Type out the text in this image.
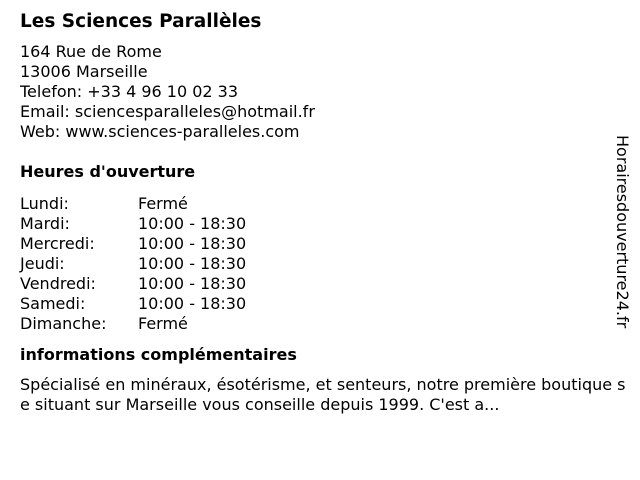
Les Sciences Parallèles
164 Rue de Rome
13006 Marseille
Telefon: +33 4 96 10 02 33
Email: sciencesparalleles@hotmail.fr
Web: www.sciences-paralleles.com
Heures d'ouverture
Lundi:	Fermé
Mardi:	10:00 - 18:30
Mercredi:	10:00 - 18:30
Jeudi:	10:00 - 18:30
Vendredi:	10:00 - 18:30
Samedi:	10:00 - 18:30
Dimanche: Fermé
informations complémentaires
Spécialisé en minéraux, ésotérisme, et senteurs, notre première boutique se situant sur Marseille vous conseille depuis 1999. C'est a...
Horairesdouverture24.fr
